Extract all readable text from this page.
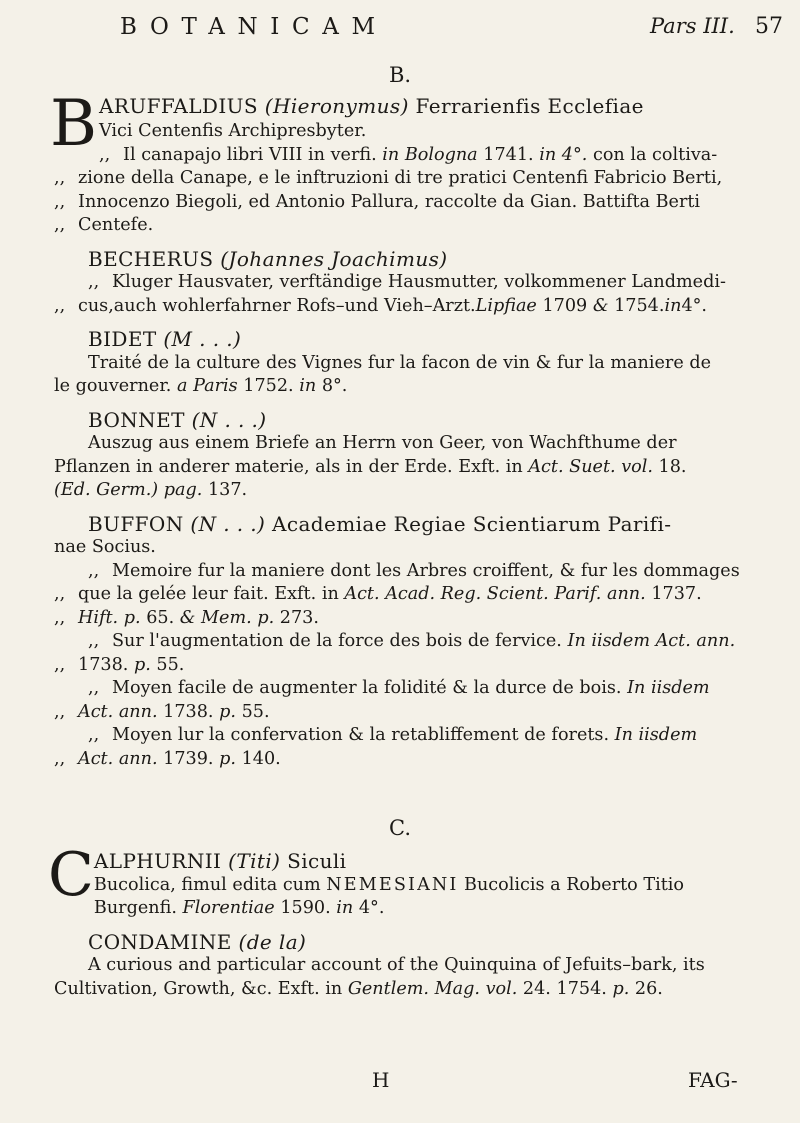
BOTANICAM	Pars III. 57
B.
B ARUFFALDIUS (Hieronymus) Ferrarienfis Ecclefiae
Vici Centenfis Archipresbyter.
,, Il canapajo libri VIII in verfi. in Bologna 1741. in 4°. con la coltiva-
,, zione della Canape, e le inftruzioni di tre pratici Centenfi Fabricio Berti,
,, Innocenzo Biegoli, ed Antonio Pallura, raccolte da Gian. Battifta Berti
,, Centefe.
BECHERUS (Johannes Joachimus)
,, Kluger Hausvater, verftändige Hausmutter, volkommener Landmedi-
,, cus,auch wohlerfahrner Rofs–und Vieh–Arzt.Lipfiae 1709 & 1754.in4°.
BIDET (M . . .)
Traité de la culture des Vignes fur la facon de vin & fur la maniere de
le gouverner. a Paris 1752. in 8°.
BONNET (N . . .)
Auszug aus einem Briefe an Herrn von Geer, von Wachfthume der
Pflanzen in anderer materie, als in der Erde. Exft. in Act. Suet. vol. 18.
(Ed. Germ.) pag. 137.
BUFFON (N . . .) Academiae Regiae Scientiarum Parifi-
nae Socius.
,, Memoire fur la maniere dont les Arbres croiffent, & fur les dommages
,, que la gelée leur fait. Exft. in Act. Acad. Reg. Scient. Parif. ann. 1737.
,, Hift. p. 65. & Mem. p. 273.
,, Sur l'augmentation de la force des bois de fervice. In iisdem Act. ann.
,, 1738. p. 55.
,, Moyen facile de augmenter la folidité & la durce de bois. In iisdem
,, Act. ann. 1738. p. 55.
,, Moyen lur la confervation & la retabliffement de forets. In iisdem
,, Act. ann. 1739. p. 140.
C.
C ALPHURNII (Titi) Siculi
Bucolica, fimul edita cum NEMESIANI Bucolicis a Roberto Titio
Burgenfi. Florentiae 1590. in 4°.
CONDAMINE (de la)
A curious and particular account of the Quinquina of Jefuits–bark, its
Cultivation, Growth, &c. Exft. in Gentlem. Mag. vol. 24. 1754. p. 26.
H	FAG-
